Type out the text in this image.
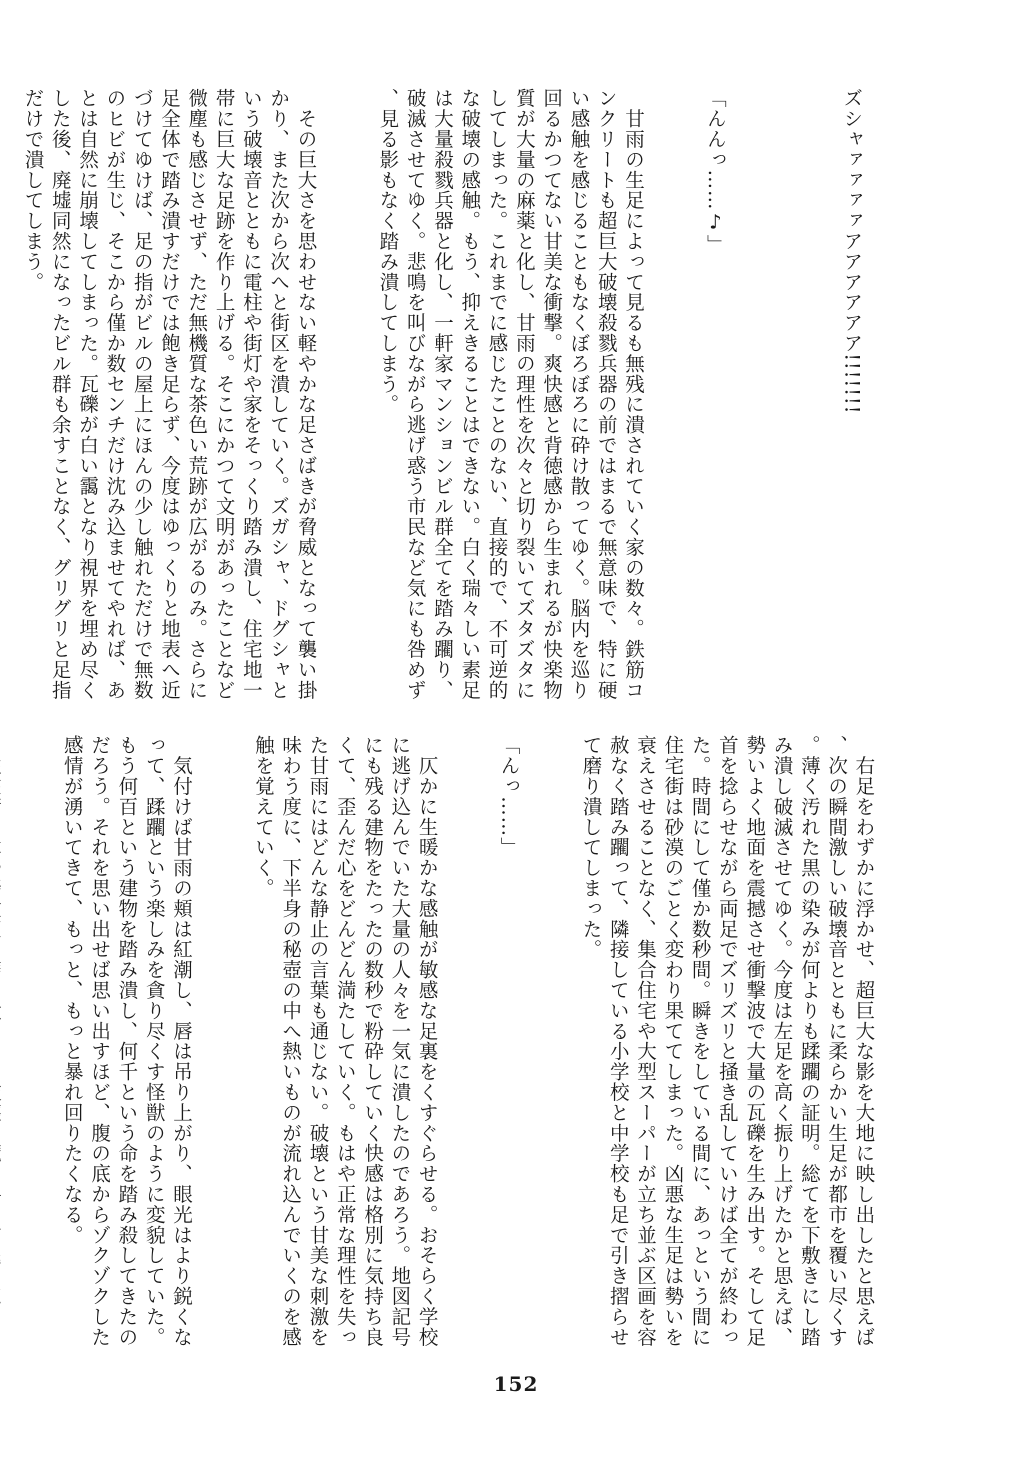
ズシャァァァァアアアアアア!!!!!!!

「んんっ……♪」

　甘雨の生足によって見るも無残に潰されていく家の数々。鉄筋コンクリートも超巨大破壊殺戮兵器の前ではまるで無意味で、特に硬い感触を感じることもなくぼろぼろに砕け散ってゆく。脳内を巡り回るかつてない甘美な衝撃。爽快感と背徳感から生まれるが快楽物質が大量の麻薬と化し、甘雨の理性を次々と切り裂いてズタズタにしてしまった。これまでに感じたことのない、直接的で、不可逆的な破壊の感触。もう、抑えきることはできない。白く瑞々しい素足は大量殺戮兵器と化し、一軒家マンションビル群全てを踏み躙り、破滅させてゆく。悲鳴を叫びながら逃げ惑う市民など気にも咎めず、見る影もなく踏み潰してしまう。

　その巨大さを思わせない軽やかな足さばきが脅威となって襲い掛かり、また次から次へと街区を潰していく。ズガシャ、ドグシャという破壊音とともに電柱や街灯や家をそっくり踏み潰し、住宅地一帯に巨大な足跡を作り上げる。そこにかつて文明があったことなど微塵も感じさせず、ただ無機質な茶色い荒跡が広がるのみ。さらに足全体で踏み潰すだけでは飽き足らず、今度はゆっくりと地表へ近づけてゆけば、足の指がビルの屋上にほんの少し触れただけで無数のヒビが生じ、そこから僅か数センチだけ沈み込ませてやれば、あとは自然に崩壊してしまった。瓦礫が白い靄となり視界を埋め尽くした後、廃墟同然になったビル群も余すことなく、グリグリと足指だけで潰してしまう。

　右足をわずかに浮かせ、超巨大な影を大地に映し出したと思えば、次の瞬間激しい破壊音とともに柔らかい生足が都市を覆い尽くす。薄く汚れた黒の染みが何よりも蹂躙の証明。総てを下敷きにし踏み潰し破滅させてゆく。今度は左足を高く振り上げたかと思えば、勢いよく地面を震撼させ衝撃波で大量の瓦礫を生み出す。そして足首を捻らせながら両足でズリズリと掻き乱していけば全てが終わった。時間にして僅か数秒間。瞬きをしている間に、あっという間に住宅街は砂漠のごとく変わり果ててしまった。凶悪な生足は勢いを衰えさせることなく、集合住宅や大型スーパーが立ち並ぶ区画を容赦なく踏み躙って、隣接している小学校と中学校も足で引き摺らせて磨り潰してしまった。

「んっ……」

　仄かに生暖かな感触が敏感な足裏をくすぐらせる。おそらく学校に逃げ込んでいた大量の人々を一気に潰したのであろう。地図記号にも残る建物をたったの数秒で粉砕していく快感は格別に気持ち良くて、歪んだ心をどんどん満たしていく。もはや正常な理性を失った甘雨にはどんな静止の言葉も通じない。破壊という甘美な刺激を味わう度に、下半身の秘壺の中へ熱いものが流れ込んでいくのを感触を覚えていく。

　気付けば甘雨の頬は紅潮し、唇は吊り上がり、眼光はより鋭くなって、蹂躙という楽しみを貪り尽くす怪獣のように変貌していた。もう何百という建物を踏み潰し、何千という命を踏み殺してきたのだろう。それを思い出せば思い出すほど、腹の底からゾクゾクした感情が湧いてきて、もっと、もっと暴れ回りたくなる。

152
